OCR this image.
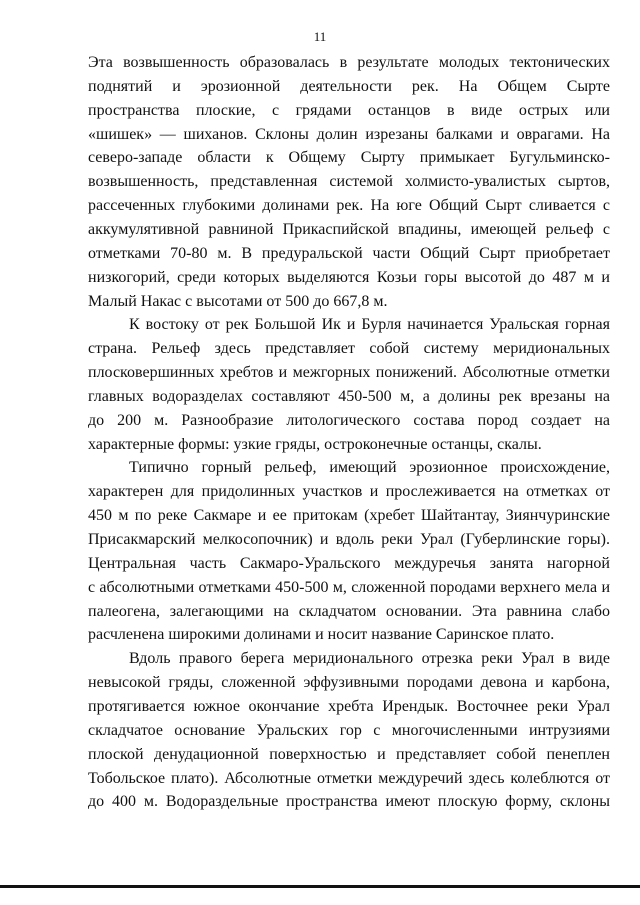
11
Эта возвышенность образовалась в результате молодых тектонических
поднятий и эрозионной деятельности рек. На Общем Сырте
пространства плоские, с грядами останцов в виде острых или
«шишек» — шиханов. Склоны долин изрезаны балками и оврагами. На
северо-западе области к Общему Сырту примыкает Бугульминско-
возвышенность, представленная системой холмисто-увалистых сыртов,
рассеченных глубокими долинами рек. На юге Общий Сырт сливается с
аккумулятивной равниной Прикаспийской впадины, имеющей рельеф с
отметками 70-80 м. В предуральской части Общий Сырт приобретает
низкогорий, среди которых выделяются Козьи горы высотой до 487 м и
Малый Накас с высотами от 500 до 667,8 м.
К востоку от рек Большой Ик и Бурля начинается Уральская горная
страна. Рельеф здесь представляет собой систему меридиональных
плосковершинных хребтов и межгорных понижений. Абсолютные отметки
главных водоразделах составляют 450-500 м, а долины рек врезаны на
до 200 м. Разнообразие литологического состава пород создает на
характерные формы: узкие гряды, остроконечные останцы, скалы.
Типично горный рельеф, имеющий эрозионное происхождение,
характерен для придолинных участков и прослеживается на отметках от
450 м по реке Сакмаре и ее притокам (хребет Шайтантау, Зиянчуринские
Присакмарский мелкосопочник) и вдоль реки Урал (Губерлинские горы).
Центральная часть Сакмаро-Уральского междуречья занята нагорной
с абсолютными отметками 450-500 м, сложенной породами верхнего мела и
палеогена, залегающими на складчатом основании. Эта равнина слабо
расчленена широкими долинами и носит название Саринское плато.
Вдоль правого берега меридионального отрезка реки Урал в виде
невысокой гряды, сложенной эффузивными породами девона и карбона,
протягивается южное окончание хребта Ирендык. Восточнее реки Урал
складчатое основание Уральских гор с многочисленными интрузиями
плоской денудационной поверхностью и представляет собой пенеплен
Тобольское плато). Абсолютные отметки междуречий здесь колеблются от
до 400 м. Водораздельные пространства имеют плоскую форму, склоны
